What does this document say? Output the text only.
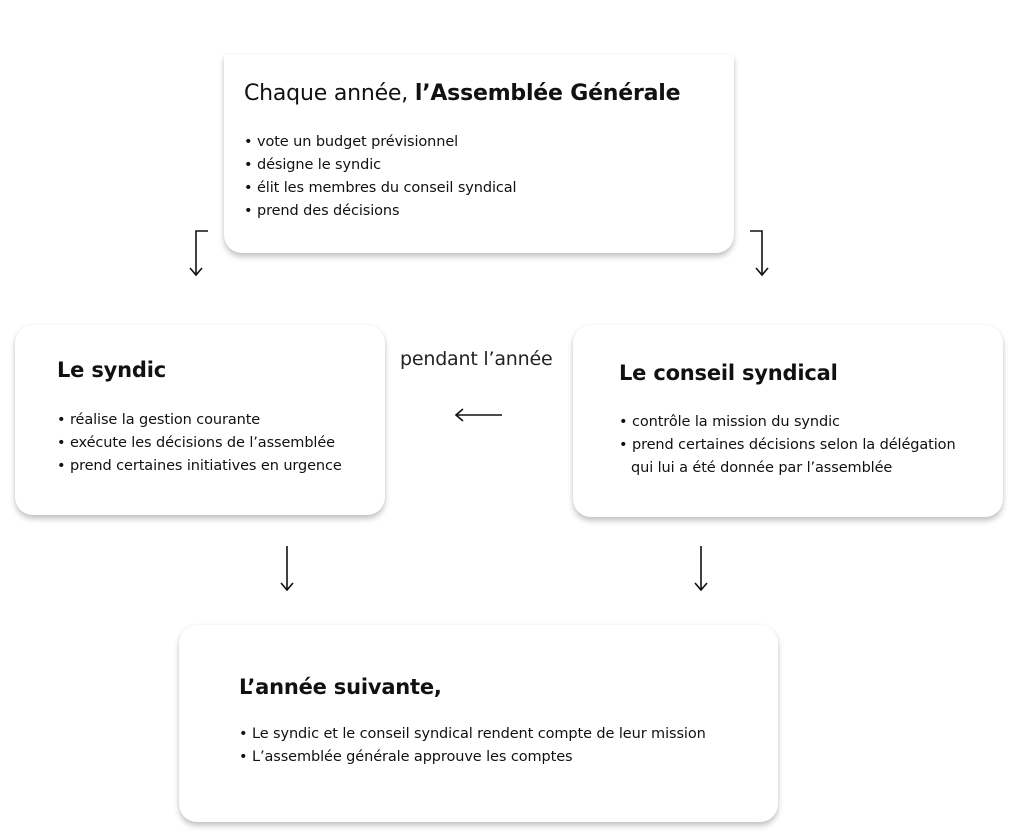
Chaque année, l’Assemblée Générale
• vote un budget prévisionnel
• désigne le syndic
• élit les membres du conseil syndical
• prend des décisions
Le syndic
• réalise la gestion courante
• exécute les décisions de l’assemblée
• prend certaines initiatives en urgence
pendant l’année
Le conseil syndical
• contrôle la mission du syndic
• prend certaines décisions selon la délégation
qui lui a été donnée par l’assemblée
L’année suivante,
• Le syndic et le conseil syndical rendent compte de leur mission
• L’assemblée générale approuve les comptes
